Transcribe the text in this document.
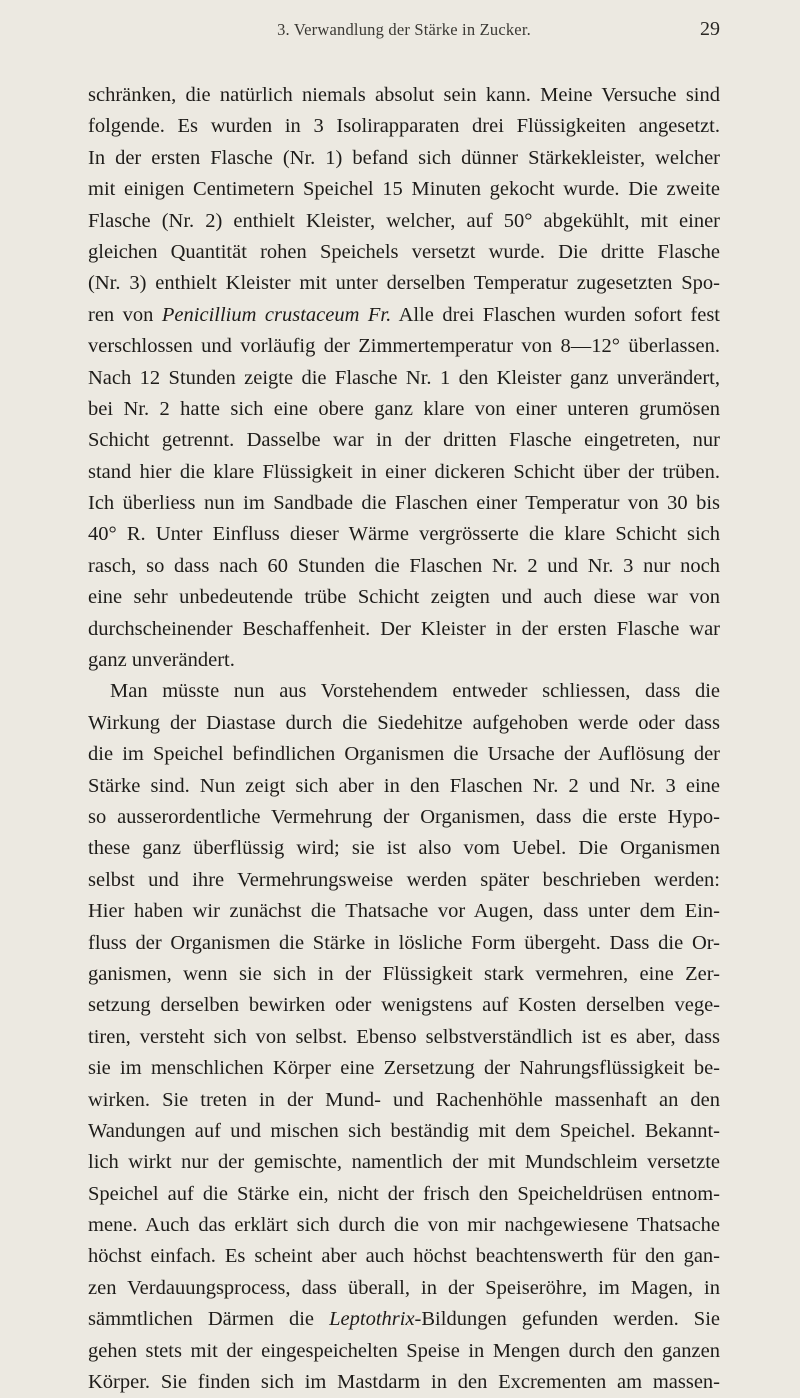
3. Verwandlung der Stärke in Zucker.	29
schränken, die natürlich niemals absolut sein kann. Meine Versuche sind
folgende. Es wurden in 3 Isolirapparaten drei Flüssigkeiten angesetzt.
In der ersten Flasche (Nr. 1) befand sich dünner Stärkekleister, welcher
mit einigen Centimetern Speichel 15 Minuten gekocht wurde. Die zweite
Flasche (Nr. 2) enthielt Kleister, welcher, auf 50° abgekühlt, mit einer
gleichen Quantität rohen Speichels versetzt wurde. Die dritte Flasche
(Nr. 3) enthielt Kleister mit unter derselben Temperatur zugesetzten Spo-
ren von Penicillium crustaceum Fr. Alle drei Flaschen wurden sofort fest
verschlossen und vorläufig der Zimmertemperatur von 8—12° überlassen.
Nach 12 Stunden zeigte die Flasche Nr. 1 den Kleister ganz unverändert,
bei Nr. 2 hatte sich eine obere ganz klare von einer unteren grumösen
Schicht getrennt. Dasselbe war in der dritten Flasche eingetreten, nur
stand hier die klare Flüssigkeit in einer dickeren Schicht über der trüben.
Ich überliess nun im Sandbade die Flaschen einer Temperatur von 30 bis
40° R. Unter Einfluss dieser Wärme vergrösserte die klare Schicht sich
rasch, so dass nach 60 Stunden die Flaschen Nr. 2 und Nr. 3 nur noch
eine sehr unbedeutende trübe Schicht zeigten und auch diese war von
durchscheinender Beschaffenheit. Der Kleister in der ersten Flasche war
ganz unverändert.
Man müsste nun aus Vorstehendem entweder schliessen, dass die
Wirkung der Diastase durch die Siedehitze aufgehoben werde oder dass
die im Speichel befindlichen Organismen die Ursache der Auflösung der
Stärke sind. Nun zeigt sich aber in den Flaschen Nr. 2 und Nr. 3 eine
so ausserordentliche Vermehrung der Organismen, dass die erste Hypo-
these ganz überflüssig wird; sie ist also vom Uebel. Die Organismen
selbst und ihre Vermehrungsweise werden später beschrieben werden:
Hier haben wir zunächst die Thatsache vor Augen, dass unter dem Ein-
fluss der Organismen die Stärke in lösliche Form übergeht. Dass die Or-
ganismen, wenn sie sich in der Flüssigkeit stark vermehren, eine Zer-
setzung derselben bewirken oder wenigstens auf Kosten derselben vege-
tiren, versteht sich von selbst. Ebenso selbstverständlich ist es aber, dass
sie im menschlichen Körper eine Zersetzung der Nahrungsflüssigkeit be-
wirken. Sie treten in der Mund- und Rachenhöhle massenhaft an den
Wandungen auf und mischen sich beständig mit dem Speichel. Bekannt-
lich wirkt nur der gemischte, namentlich der mit Mundschleim versetzte
Speichel auf die Stärke ein, nicht der frisch den Speicheldrüsen entnom-
mene. Auch das erklärt sich durch die von mir nachgewiesene Thatsache
höchst einfach. Es scheint aber auch höchst beachtenswerth für den gan-
zen Verdauungsprocess, dass überall, in der Speiseröhre, im Magen, in
sämmtlichen Därmen die Leptothrix-Bildungen gefunden werden. Sie
gehen stets mit der eingespeichelten Speise in Mengen durch den ganzen
Körper. Sie finden sich im Mastdarm in den Excrementen am massen-
